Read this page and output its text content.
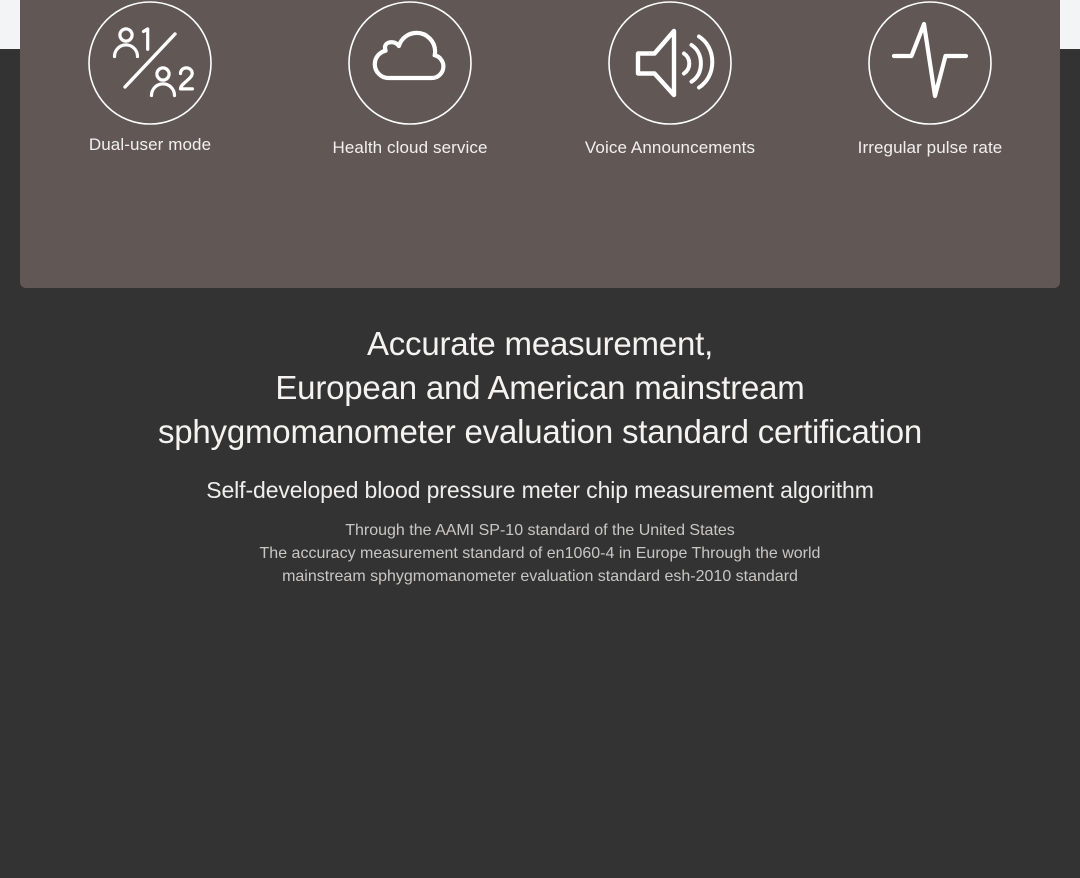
Dual-user mode	Health cloud service	Voice Announcements	Irregular pulse rate
Accurate measurement,
European and American mainstream
sphygmomanometer evaluation standard certification
Self-developed blood pressure meter chip measurement algorithm

Through the AAMI SP-10 standard of the United States
The accuracy measurement standard of en1060-4 in Europe Through the world
mainstream sphygmomanometer evaluation standard esh-2010 standard
